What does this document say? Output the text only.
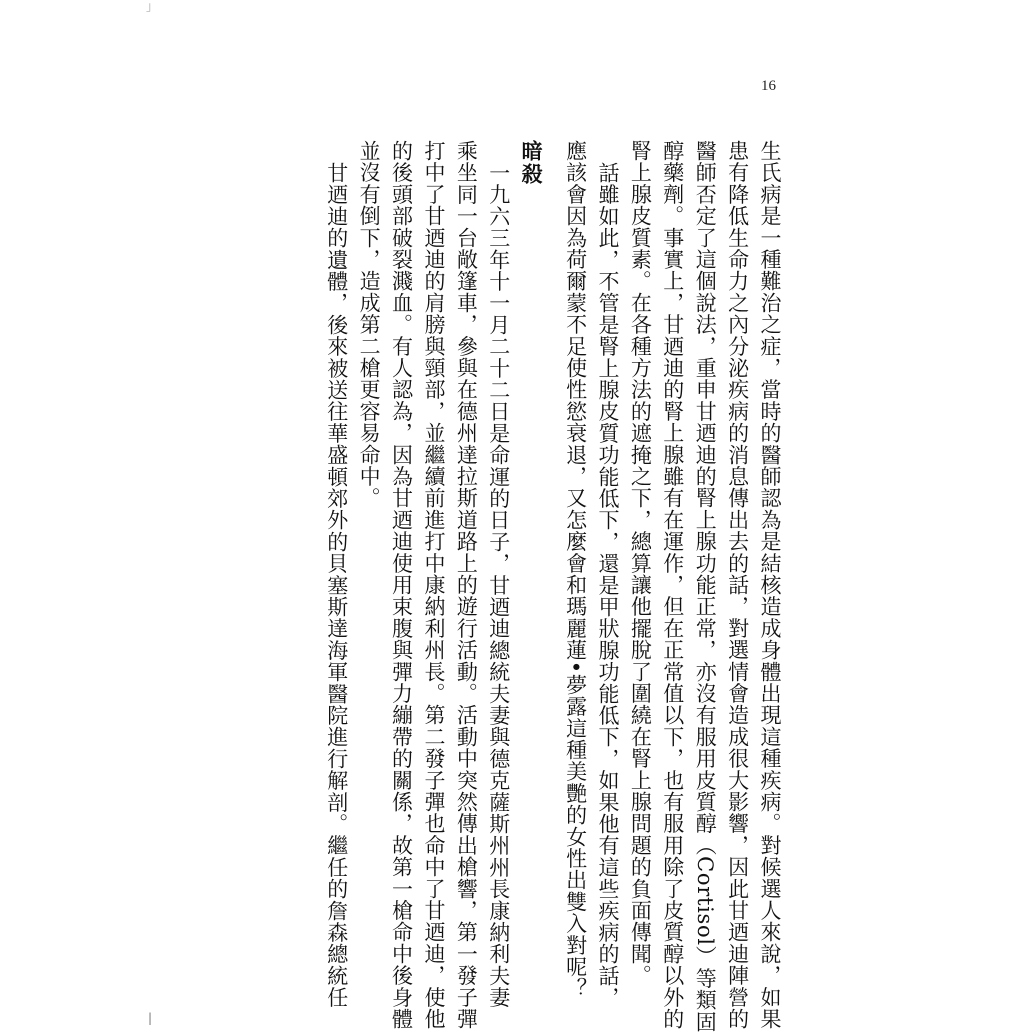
」
|
16
生氏病是一種難治之症，當時的醫師認為是結核造成身體出現這種疾病。對候選人來說，如果
患有降低生命力之內分泌疾病的消息傳出去的話，對選情會造成很大影響，因此甘迺迪陣營的
醫師否定了這個說法，重申甘迺迪的腎上腺功能正常，亦沒有服用皮質醇（Cortisol）等類固
醇藥劑。事實上，甘迺迪的腎上腺雖有在運作，但在正常值以下，也有服用除了皮質醇以外的
腎上腺皮質素。在各種方法的遮掩之下，總算讓他擺脫了圍繞在腎上腺問題的負面傳聞。
話雖如此，不管是腎上腺皮質功能低下，還是甲狀腺功能低下，如果他有這些疾病的話，
應該會因為荷爾蒙不足使性慾衰退，又怎麼會和瑪麗蓮•夢露這種美艷的女性出雙入對呢？
暗殺
一九六三年十一月二十二日是命運的日子，甘迺迪總統夫妻與德克薩斯州州長康納利夫妻
乘坐同一台敞篷車，參與在德州達拉斯道路上的遊行活動。活動中突然傳出槍響，第一發子彈
打中了甘迺迪的肩膀與頸部，並繼續前進打中康納利州長。第二發子彈也命中了甘迺迪，使他
的後頭部破裂濺血。有人認為，因為甘迺迪使用束腹與彈力繃帶的關係，故第一槍命中後身體
並沒有倒下，造成第二槍更容易命中。
甘迺迪的遺體，後來被送往華盛頓郊外的貝塞斯達海軍醫院進行解剖。繼任的詹森總統任
